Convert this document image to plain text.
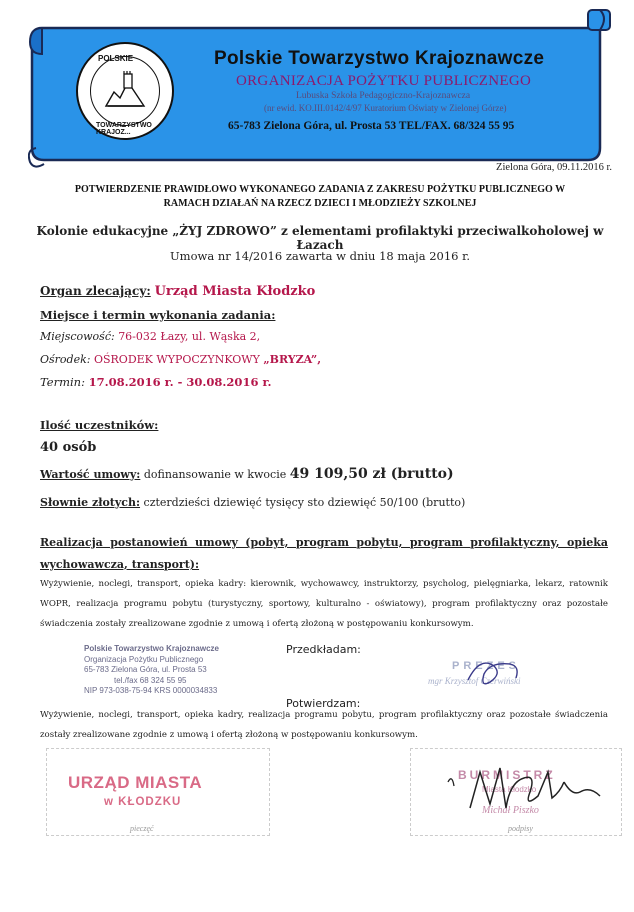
POLSKIE
TOWARZYSTWO KRAJOZ...
Polskie Towarzystwo Krajoznawcze
ORGANIZACJA POŻYTKU PUBLICZNEGO
Lubuska Szkoła Pedagogiczno-Krajoznawcza
(nr ewid. KO.III.0142/4/97 Kuratorium Oświaty w Zielonej Górze)
65-783 Zielona Góra, ul. Prosta 53 TEL/FAX. 68/324 55 95
Zielona Góra, 09.11.2016 r.
POTWIERDZENIE PRAWIDŁOWO WYKONANEGO ZADANIA Z ZAKRESU POŻYTKU PUBLICZNEGO W
RAMACH DZIAŁAŃ NA RZECZ DZIECI I MŁODZIEŻY SZKOLNEJ
Kolonie edukacyjne „ŻYJ ZDROWO” z elementami profilaktyki przeciwalkoholowej w Łazach
Umowa nr 14/2016 zawarta w dniu 18 maja 2016 r.
Organ zlecający: Urząd Miasta Kłodzko
Miejsce i termin wykonania zadania:
Miejscowość: 76-032 Łazy, ul. Wąska 2,
Ośrodek: OŚRODEK WYPOCZYNKOWY „BRYZA”,
Termin: 17.08.2016 r. - 30.08.2016 r.
Ilość uczestników:
40 osób
Wartość umowy: dofinansowanie w kwocie 49 109,50 zł (brutto)
Słownie złotych: czterdzieści dziewięć tysięcy sto dziewięć 50/100 (brutto)
Realizacja postanowień umowy (pobyt, program pobytu, program profilaktyczny, opieka wychowawcza, transport):
Wyżywienie, noclegi, transport, opieka kadry: kierownik, wychowawcy, instruktorzy, psycholog, pielęgniarka, lekarz, ratownik WOPR, realizacja programu pobytu (turystyczny, sportowy, kulturalno - oświatowy), program profilaktyczny oraz pozostałe świadczenia zostały zrealizowane zgodnie z umową i ofertą złożoną w postępowaniu konkursowym.
Polskie Towarzystwo Krajoznawcze
Organizacja Pożytku Publicznego
65-783 Zielona Góra, ul. Prosta 53
tel./fax 68 324 55 95
NIP 973-038-75-94 KRS 0000034833
Przedkładam:
PREZES
mgr Krzysztof Czerwiński
Potwierdzam:
Wyżywienie, noclegi, transport, opieka kadry, realizacja programu pobytu, program profilaktyczny oraz pozostałe świadczenia zostały zrealizowane zgodnie z umową i ofertą złożoną w postępowaniu konkursowym.
URZĄD MIASTA
w KŁODZKU
pieczęć
BURMISTRZ
Miasta Kłodzko
Michał Piszko
podpisy
